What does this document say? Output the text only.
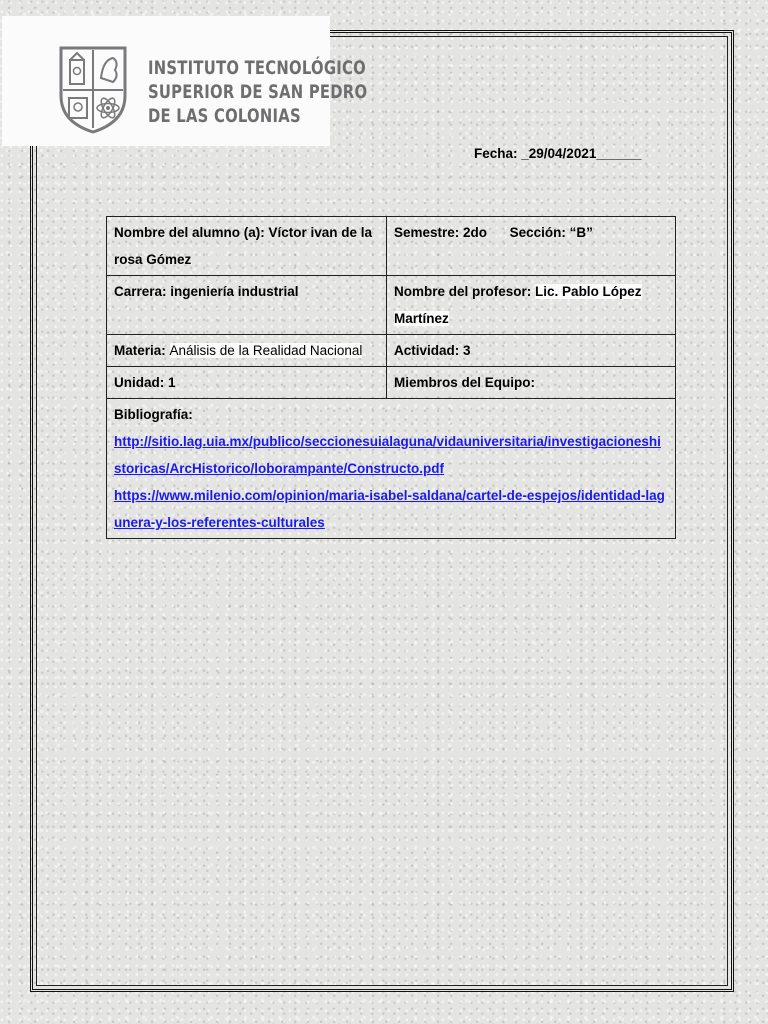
INSTITUTO TECNOLÓGICO
SUPERIOR DE SAN PEDRO
DE LAS COLONIAS
Fecha: _29/04/2021______
Nombre del alumno (a): Víctor ivan de la rosa Gómez	Semestre: 2do Sección: “B”
Carrera: ingeniería industrial	Nombre del profesor: Lic. Pablo López Martínez
Materia: Análisis de la Realidad Nacional	Actividad: 3
Unidad: 1	Miembros del Equipo:

Bibliografía:
http://sitio.lag.uia.mx/publico/seccionesuialaguna/vidauniversitaria/investigacioneshistoricas/ArcHistorico/loborampante/Constructo.pdf
https://www.milenio.com/opinion/maria-isabel-saldana/cartel-de-espejos/identidad-lagunera-y-los-referentes-culturales	
